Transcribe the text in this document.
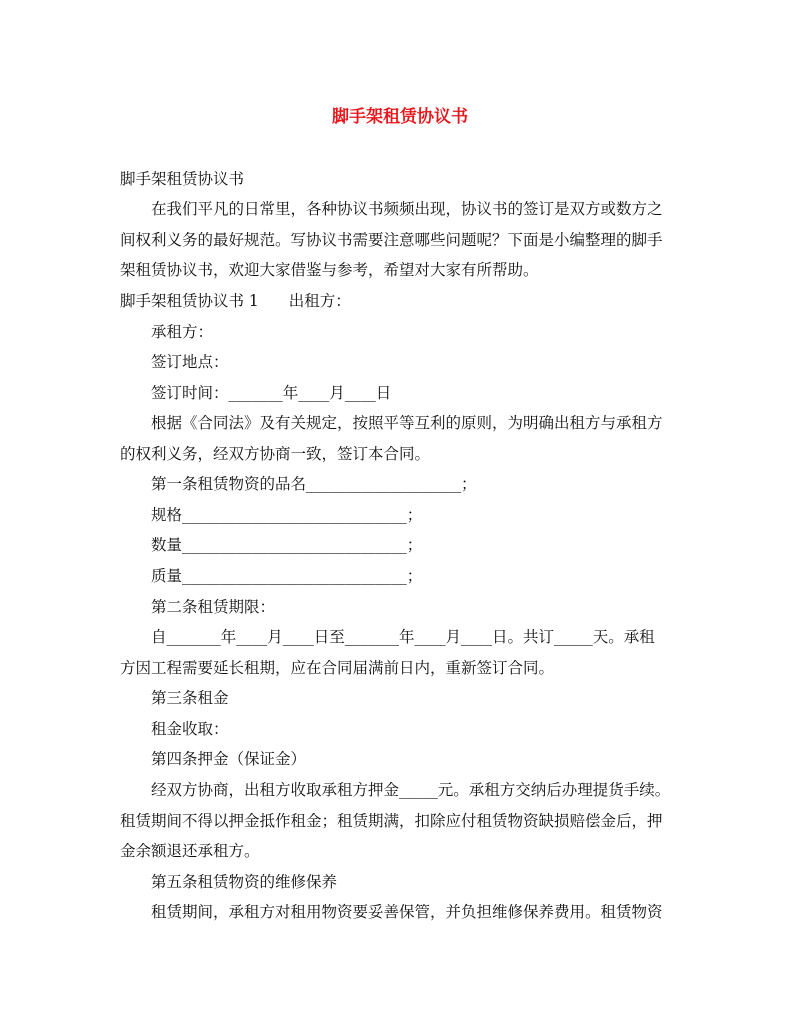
脚手架租赁协议书

脚手架租赁协议书

在我们平凡的日常里，各种协议书频频出现，协议书的签订是双方或数方之

间权利义务的最好规范。写协议书需要注意哪些问题呢？下面是小编整理的脚手

架租赁协议书，欢迎大家借鉴与参考，希望对大家有所帮助。

脚手架租赁协议书 1 出租方：

承租方：

签订地点：

签订时间：_______年____月____日

根据《合同法》及有关规定，按照平等互利的原则，为明确出租方与承租方

的权利义务，经双方协商一致，签订本合同。

第一条租赁物资的品名____________________；

规格_____________________________；

数量_____________________________；

质量_____________________________；

第二条租赁期限：

自_______年____月____日至_______年____月____日。共订_____天。承租

方因工程需要延长租期，应在合同届满前日内，重新签订合同。

第三条租金

租金收取：

第四条押金（保证金）

经双方协商，出租方收取承租方押金_____元。承租方交纳后办理提货手续。

租赁期间不得以押金抵作租金；租赁期满，扣除应付租赁物资缺损赔偿金后，押

金余额退还承租方。

第五条租赁物资的维修保养

租赁期间，承租方对租用物资要妥善保管，并负担维修保养费用。租赁物资
